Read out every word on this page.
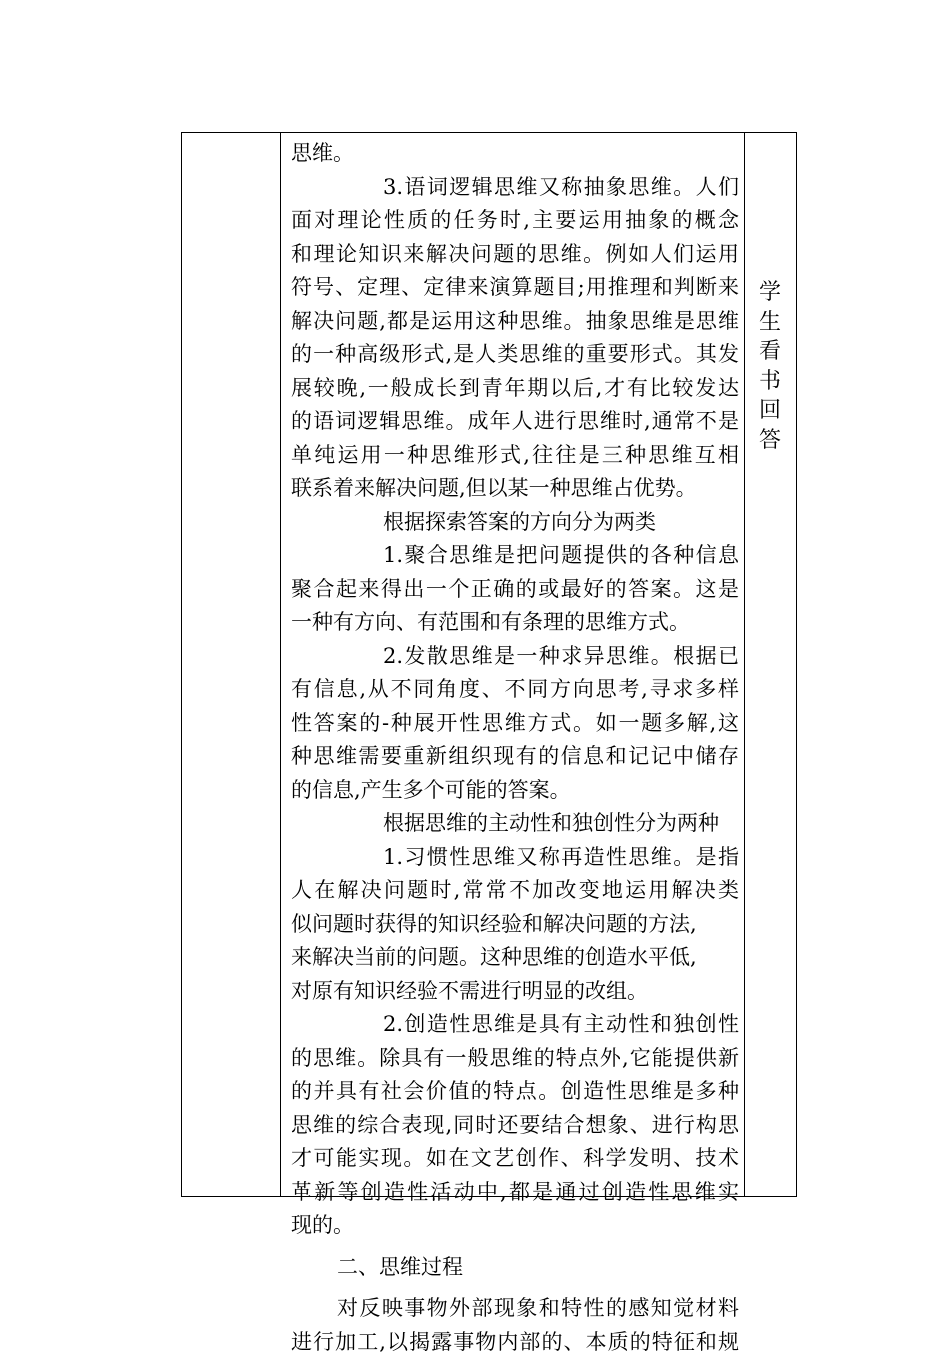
思维。
3.语词逻辑思维又称抽象思维。人们
面对理论性质的任务时,主要运用抽象的概念
和理论知识来解决问题的思维。例如人们运用
符号、定理、定律来演算题目;用推理和判断来
解决问题,都是运用这种思维。抽象思维是思维
的一种高级形式,是人类思维的重要形式。其发
展较晚,一般成长到青年期以后,才有比较发达
的语词逻辑思维。成年人进行思维时,通常不是
单纯运用一种思维形式,往往是三种思维互相
联系着来解决问题,但以某一种思维占优势。
根据探索答案的方向分为两类
1.聚合思维是把问题提供的各种信息
聚合起来得出一个正确的或最好的答案。这是
一种有方向、有范围和有条理的思维方式。
2.发散思维是一种求异思维。根据已
有信息,从不同角度、不同方向思考,寻求多样
性答案的-种展开性思维方式。如一题多解,这
种思维需要重新组织现有的信息和记记中储存
的信息,产生多个可能的答案。
根据思维的主动性和独创性分为两种
1.习惯性思维又称再造性思维。是指
人在解决问题时,常常不加改变地运用解决类
似问题时获得的知识经验和解决问题的方法,
来解决当前的问题。这种思维的创造水平低,
对原有知识经验不需进行明显的改组。
2.创造性思维是具有主动性和独创性
的思维。除具有一般思维的特点外,它能提供新
的并具有社会价值的特点。创造性思维是多种
思维的综合表现,同时还要结合想象、进行构思
才可能实现。如在文艺创作、科学发明、技术
革新等创造性活动中,都是通过创造性思维实
现的。
二、思维过程
对反映事物外部现象和特性的感知觉材料
进行加工,以揭露事物内部的、本质的特征和规
学
生
看
书
回
答
